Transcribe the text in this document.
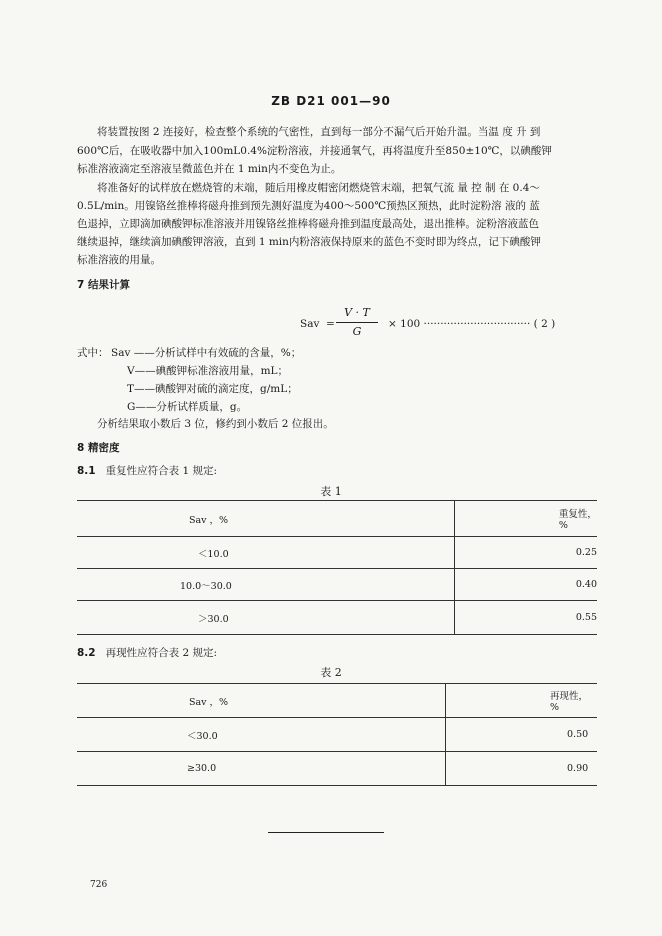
ZB D21 001—90
将装置按图 2 连接好，检查整个系统的气密性，直到每一部分不漏气后开始升温。当温 度 升 到
600℃后，在吸收器中加入100mL0.4%淀粉溶液，并接通氧气，再将温度升至850±10℃，以碘酸钾
标准溶液滴定至溶液呈微蓝色并在 1 min内不变色为止。
将准备好的试样放在燃烧管的末端，随后用橡皮帽密闭燃烧管末端，把氧气流 量 控 制 在 0.4～
0.5L/min。用镍铬丝推棒将磁舟推到预先测好温度为400～500℃预热区预热，此时淀粉溶 液的 蓝
色退掉，立即滴加碘酸钾标准溶液并用镍铬丝推棒将磁舟推到温度最高处，退出推棒。淀粉溶液蓝色
继续退掉，继续滴加碘酸钾溶液，直到 1 min内粉溶液保持原来的蓝色不变时即为终点，记下碘酸钾
标准溶液的用量。
7 结果计算
Sav =
V · T
G
× 100 ································ ( 2 )
式中： Sav ——分析试样中有效硫的含量，%；
V——碘酸钾标准溶液用量，mL；
T——碘酸钾对硫的滴定度，g/mL；
G——分析试样质量，g。
分析结果取小数后 3 位，修约到小数后 2 位报出。
8 精密度
8.1 重复性应符合表 1 规定:
表 1
Sav ，%	重复性，%
＜10.0	0.25
10.0～30.0	0.40
＞30.0	0.55
8.2 再现性应符合表 2 规定:
表 2
Sav ，%	再现性，%
＜30.0	0.50
≥30.0	0.90
726
